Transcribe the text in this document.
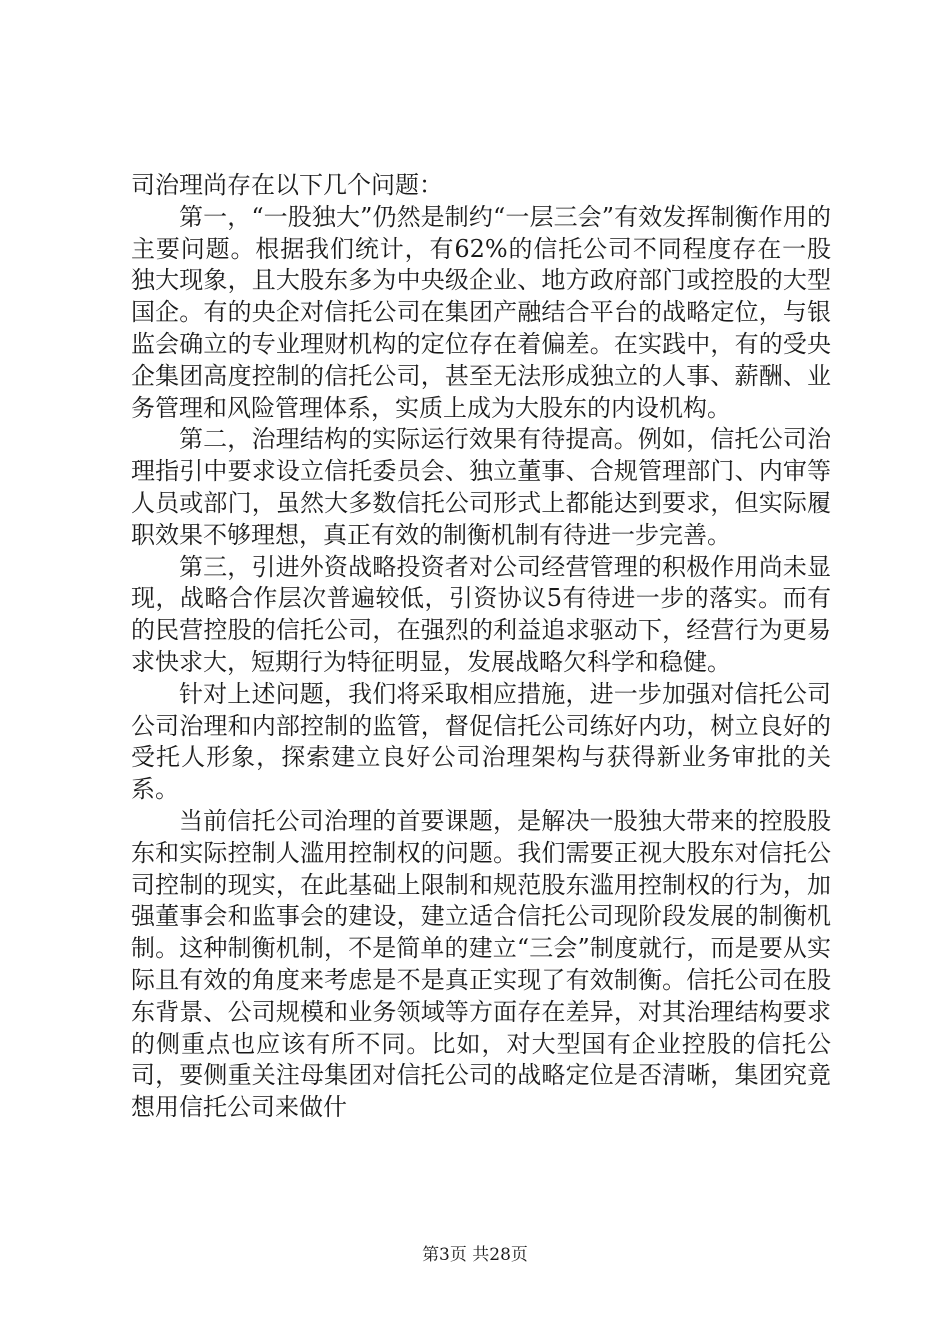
司治理尚存在以下几个问题：

第一，“一股独大”仍然是制约“一层三会”有效发挥制衡作用的主要问题。根据我们统计，有62%的信托公司不同程度存在一股独大现象，且大股东多为中央级企业、地方政府部门或控股的大型国企。有的央企对信托公司在集团产融结合平台的战略定位，与银监会确立的专业理财机构的定位存在着偏差。在实践中，有的受央企集团高度控制的信托公司，甚至无法形成独立的人事、薪酬、业务管理和风险管理体系，实质上成为大股东的内设机构。

第二，治理结构的实际运行效果有待提高。例如，信托公司治理指引中要求设立信托委员会、独立董事、合规管理部门、内审等人员或部门，虽然大多数信托公司形式上都能达到要求，但实际履职效果不够理想，真正有效的制衡机制有待进一步完善。

第三，引进外资战略投资者对公司经营管理的积极作用尚未显现，战略合作层次普遍较低，引资协议5有待进一步的落实。而有的民营控股的信托公司，在强烈的利益追求驱动下，经营行为更易求快求大，短期行为特征明显，发展战略欠科学和稳健。

针对上述问题，我们将采取相应措施，进一步加强对信托公司公司治理和内部控制的监管，督促信托公司练好内功，树立良好的受托人形象，探索建立良好公司治理架构与获得新业务审批的关系。

当前信托公司治理的首要课题，是解决一股独大带来的控股股东和实际控制人滥用控制权的问题。我们需要正视大股东对信托公司控制的现实，在此基础上限制和规范股东滥用控制权的行为，加强董事会和监事会的建设，建立适合信托公司现阶段发展的制衡机制。这种制衡机制，不是简单的建立“三会”制度就行，而是要从实际且有效的角度来考虑是不是真正实现了有效制衡。信托公司在股东背景、公司规模和业务领域等方面存在差异，对其治理结构要求的侧重点也应该有所不同。比如，对大型国有企业控股的信托公司，要侧重关注母集团对信托公司的战略定位是否清晰，集团究竟想用信托公司来做什

第3页 共28页
